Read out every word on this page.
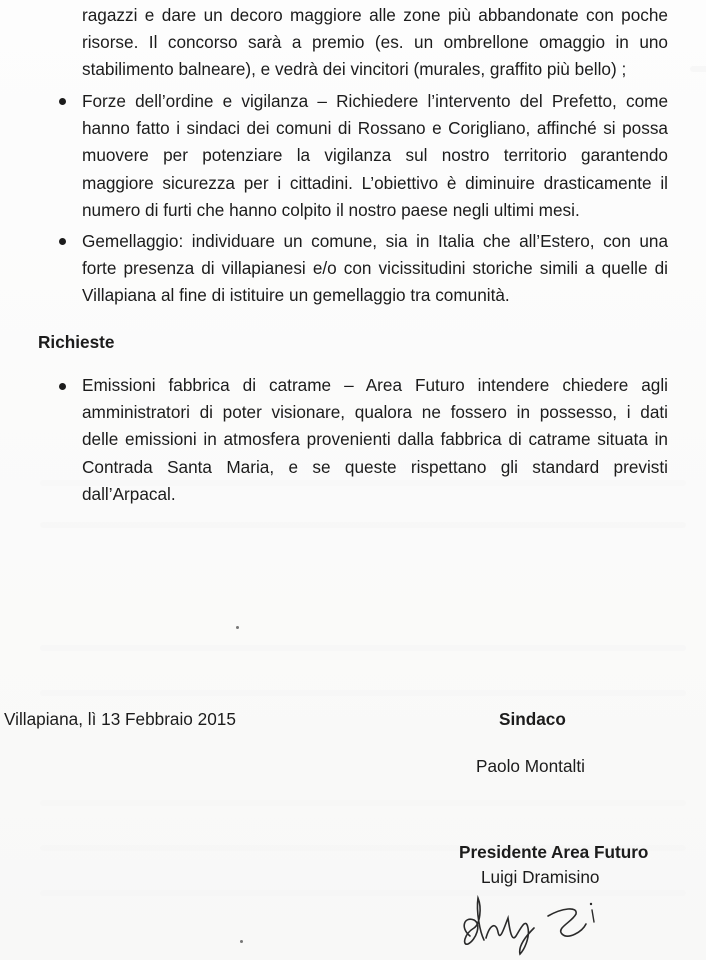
ragazzi e dare un decoro maggiore alle zone più abbandonate con poche
risorse. Il concorso sarà a premio (es. un ombrellone omaggio in uno
stabilimento balneare), e vedrà dei vincitori (murales, graffito più bello) ;
Forze dell’ordine e vigilanza – Richiedere l’intervento del Prefetto, come
hanno fatto i sindaci dei comuni di Rossano e Corigliano, affinché si possa
muovere per potenziare la vigilanza sul nostro territorio garantendo
maggiore sicurezza per i cittadini. L’obiettivo è diminuire drasticamente il
numero di furti che hanno colpito il nostro paese negli ultimi mesi.
Gemellaggio: individuare un comune, sia in Italia che all’Estero, con una
forte presenza di villapianesi e/o con vicissitudini storiche simili a quelle di
Villapiana al fine di istituire un gemellaggio tra comunità.
Richieste
Emissioni fabbrica di catrame – Area Futuro intendere chiedere agli
amministratori di poter visionare, qualora ne fossero in possesso, i dati
delle emissioni in atmosfera provenienti dalla fabbrica di catrame situata in
Contrada Santa Maria, e se queste rispettano gli standard previsti
dall’Arpacal.
Villapiana, lì 13 Febbraio 2015	Sindaco
Paolo Montalti
Presidente Area Futuro
Luigi Dramisino
